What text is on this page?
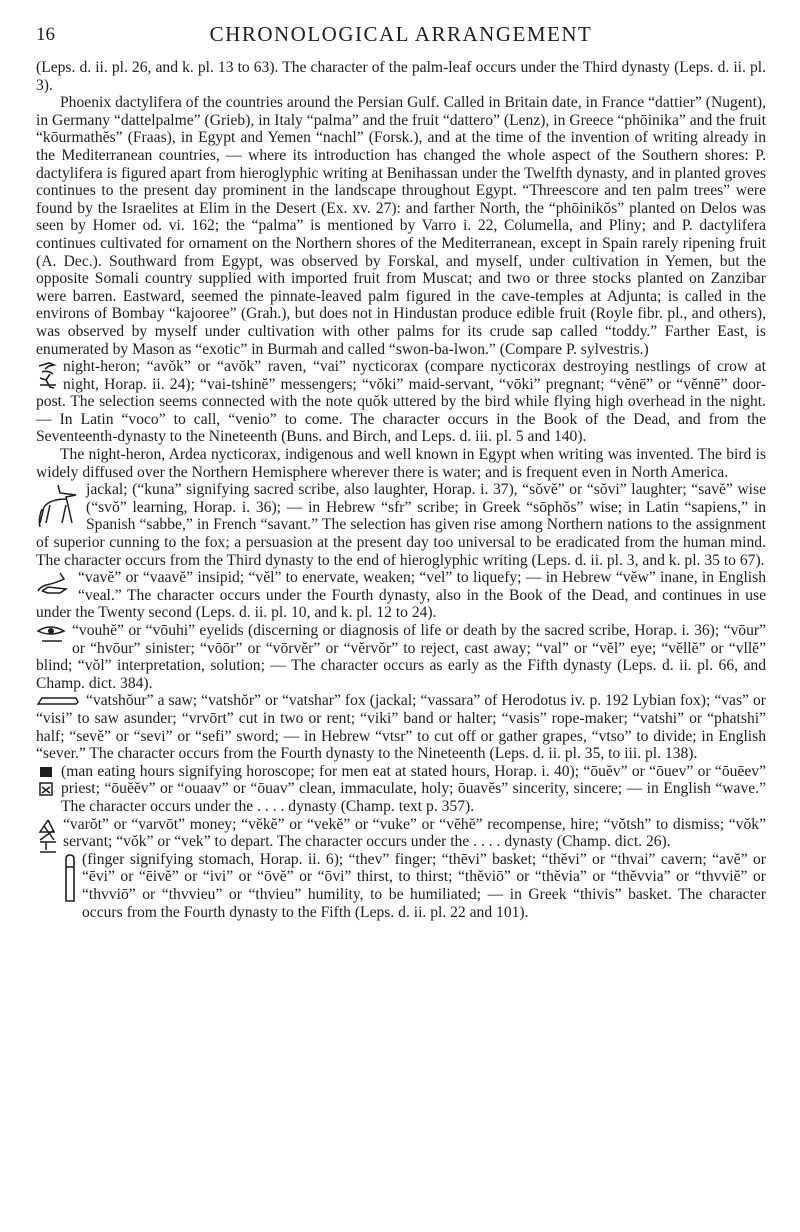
16	CHRONOLOGICAL ARRANGEMENT

(Leps. d. ii. pl. 26, and k. pl. 13 to 63). The character of the palm-leaf occurs under the Third dynasty (Leps. d. ii. pl. 3).

Phoenix dactylifera of the countries around the Persian Gulf. Called in Britain date, in France “dattier” (Nugent), in Germany “dattelpalme” (Grieb), in Italy “palma” and the fruit “dattero” (Lenz), in Greece “phōinika” and the fruit “kōurmathĕs” (Fraas), in Egypt and Yemen “nachl” (Forsk.), and at the time of the invention of writing already in the Mediterranean countries, — where its introduction has changed the whole aspect of the Southern shores: P. dactylifera is figured apart from hieroglyphic writing at Benihassan under the Twelfth dynasty, and in planted groves continues to the present day prominent in the landscape throughout Egypt. “Threescore and ten palm trees” were found by the Israelites at Elim in the Desert (Ex. xv. 27): and farther North, the “phōinikŏs” planted on Delos was seen by Homer od. vi. 162; the “palma” is mentioned by Varro i. 22, Columella, and Pliny; and P. dactylifera continues cultivated for ornament on the Northern shores of the Mediterranean, except in Spain rarely ripening fruit (A. Dec.). Southward from Egypt, was observed by Forskal, and myself, under cultivation in Yemen, but the opposite Somali country supplied with imported fruit from Muscat; and two or three stocks planted on Zanzibar were barren. Eastward, seemed the pinnate-leaved palm figured in the cave-temples at Adjunta; is called in the environs of Bombay “kajooree” (Grah.), but does not in Hindustan produce edible fruit (Royle fibr. pl., and others), was observed by myself under cultivation with other palms for its crude sap called “toddy.” Farther East, is enumerated by Mason as “exotic” in Burmah and called “swon-ba-lwon.” (Compare P. sylvestris.)

night-heron; “avŏk” or “avŏk” raven, “vai” nycticorax (compare nycticorax destroying nestlings of crow at night, Horap. ii. 24); “vai-tshinĕ” messengers; “vŏki” maid-servant, “vōki” pregnant; “vĕnē” or “vĕnnē” door-post. The selection seems connected with the note quŏk uttered by the bird while flying high overhead in the night. — In Latin “voco” to call, “venio” to come. The character occurs in the Book of the Dead, and from the Seventeenth-dynasty to the Nineteenth (Buns. and Birch, and Leps. d. iii. pl. 5 and 140).

The night-heron, Ardea nycticorax, indigenous and well known in Egypt when writing was invented. The bird is widely diffused over the Northern Hemisphere wherever there is water; and is frequent even in North America.

jackal; (“kuna” signifying sacred scribe, also laughter, Horap. i. 37), “sŏvĕ” or “sŏvi” laughter; “savĕ” wise (“svŏ” learning, Horap. i. 36); — in Hebrew “sfr” scribe; in Greek “sōphŏs” wise; in Latin “sapiens,” in Spanish “sabbe,” in French “savant.” The selection has given rise among Northern nations to the assignment of superior cunning to the fox; a persuasion at the present day too universal to be eradicated from the human mind. The character occurs from the Third dynasty to the end of hieroglyphic writing (Leps. d. ii. pl. 3, and k. pl. 35 to 67).

“vavĕ” or “vaavĕ” insipid; “vĕl” to enervate, weaken; “vel” to liquefy; — in Hebrew “vĕw” inane, in English “veal.” The character occurs under the Fourth dynasty, also in the Book of the Dead, and continues in use under the Twenty second (Leps. d. ii. pl. 10, and k. pl. 12 to 24).

“vouhĕ” or “vōuhi” eyelids (discerning or diagnosis of life or death by the sacred scribe, Horap. i. 36); “vōur” or “hvōur” sinister; “vōōr” or “vōrvĕr” or “vĕrvŏr” to reject, cast away; “val” or “vĕl” eye; “vĕllĕ” or “vllĕ” blind; “vŏl” interpretation, solution; — The character occurs as early as the Fifth dynasty (Leps. d. ii. pl. 66, and Champ. dict. 384).

“vatshŏur” a saw; “vatshŏr” or “vatshar” fox (jackal; “vassara” of Herodotus iv. p. 192 Lybian fox); “vas” or “visi” to saw asunder; “vrvōrt” cut in two or rent; “viki” band or halter; “vasis” rope-maker; “vatshi” or “phatshi” half; “sevĕ” or “sevi” or “sefi” sword; — in Hebrew “vtsr” to cut off or gather grapes, “vtso” to divide; in English “sever.” The character occurs from the Fourth dynasty to the Nineteenth (Leps. d. ii. pl. 35, to iii. pl. 138).

(man eating hours signifying horoscope; for men eat at stated hours, Horap. i. 40); “ōuĕv” or “ōuev” or “ōuēev” priest; “ōuĕĕv” or “ouaav” or “ōuav” clean, immaculate, holy; ōuavĕs” sincerity, sincere; — in English “wave.” The character occurs under the . . . . dynasty (Champ. text p. 357).

“varŏt” or “varvōt” money; “vĕkĕ” or “vekĕ” or “vuke” or “vĕhĕ” recompense, hire; “vŏtsh” to dismiss; “vŏk” servant; “vŏk” or “vek” to depart. The character occurs under the . . . . dynasty (Champ. dict. 26).

(finger signifying stomach, Horap. ii. 6); “thev” finger; “thēvi” basket; “thĕvi” or “thvai” cavern; “avĕ” or “ēvi” or “ēivĕ” or “ivi” or “ōvĕ” or “ōvi” thirst, to thirst; “thĕviō” or “thĕvia” or “thĕvvia” or “thvviĕ” or “thvviō” or “thvvieu” or “thvieu” humility, to be humiliated; — in Greek “thivis” basket. The character occurs from the Fourth dynasty to the Fifth (Leps. d. ii. pl. 22 and 101).
